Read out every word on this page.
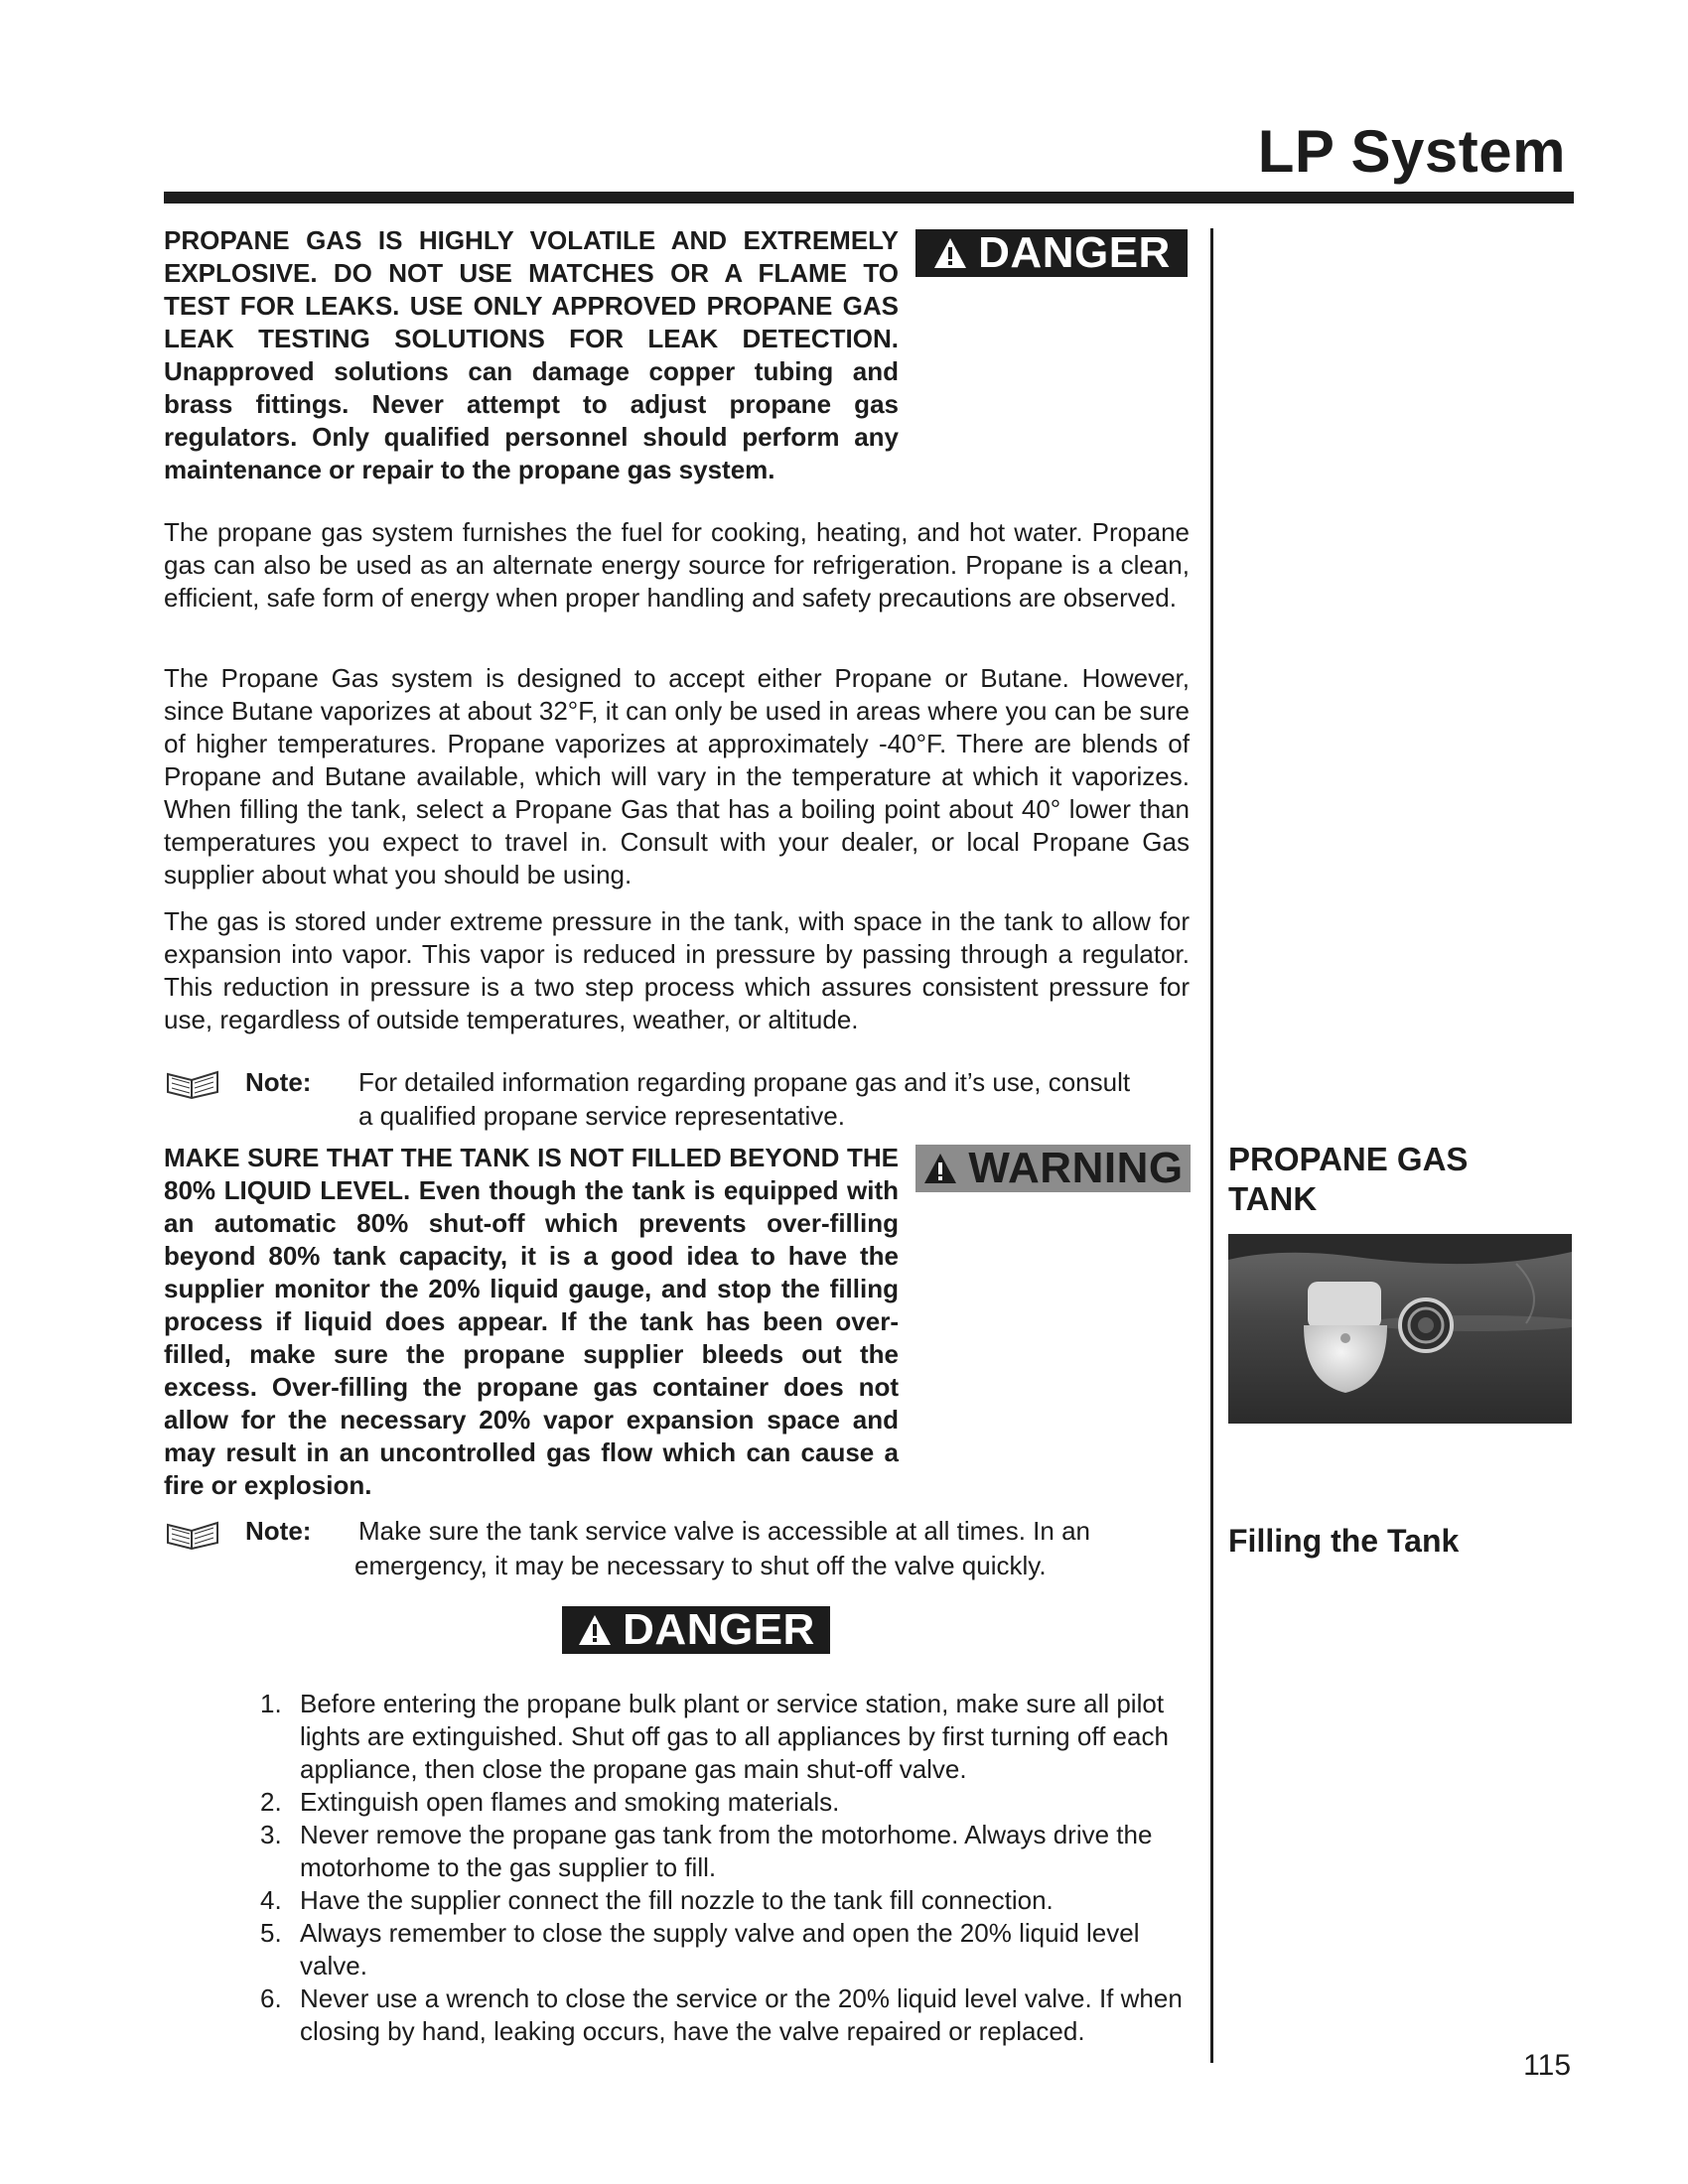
LP System

PROPANE GAS IS HIGHLY VOLATILE AND EXTREMELY EXPLOSIVE. DO NOT USE MATCHES OR A FLAME TO TEST FOR LEAKS. USE ONLY APPROVED PROPANE GAS LEAK TESTING SOLUTIONS FOR LEAK DETECTION. Unapproved solutions can damage copper tubing and brass fittings. Never attempt to adjust propane gas regulators. Only qualified personnel should perform any maintenance or repair to the propane gas system.

DANGER

The propane gas system furnishes the fuel for cooking, heating, and hot water. Propane gas can also be used as an alternate energy source for refrigeration. Propane is a clean, efficient, safe form of energy when proper handling and safety precautions are observed.

The Propane Gas system is designed to accept either Propane or Butane. However, since Butane vaporizes at about 32°F, it can only be used in areas where you can be sure of higher temperatures. Propane vaporizes at approximately -40°F. There are blends of Propane and Butane available, which will vary in the temperature at which it vaporizes. When filling the tank, select a Propane Gas that has a boiling point about 40° lower than temperatures you expect to travel in. Consult with your dealer, or local Propane Gas supplier about what you should be using.

The gas is stored under extreme pressure in the tank, with space in the tank to allow for expansion into vapor. This vapor is reduced in pressure by passing through a regulator. This reduction in pressure is a two step process which assures consistent pressure for use, regardless of outside temperatures, weather, or altitude.

Note: For detailed information regarding propane gas and it’s use, consult
a qualified propane service representative.

MAKE SURE THAT THE TANK IS NOT FILLED BEYOND THE 80% LIQUID LEVEL. Even though the tank is equipped with an automatic 80% shut-off which prevents over-filling beyond 80% tank capacity, it is a good idea to have the supplier monitor the 20% liquid gauge, and stop the filling process if liquid does appear. If the tank has been over-filled, make sure the propane supplier bleeds out the excess. Over-filling the propane gas container does not allow for the necessary 20% vapor expansion space and may result in an uncontrolled gas flow which can cause a fire or explosion.

WARNING
Note: Make sure the tank service valve is accessible at all times. In an
emergency, it may be necessary to shut off the valve quickly.
DANGER
1. Before entering the propane bulk plant or service station, make sure all pilot lights are extinguished. Shut off gas to all appliances by first turning off each appliance, then close the propane gas main shut-off valve.
2. Extinguish open flames and smoking materials.
3. Never remove the propane gas tank from the motorhome. Always drive the motorhome to the gas supplier to fill.
4. Have the supplier connect the fill nozzle to the tank fill connection.
5. Always remember to close the supply valve and open the 20% liquid level valve.
6. Never use a wrench to close the service or the 20% liquid level valve. If when closing by hand, leaking occurs, have the valve repaired or replaced.
PROPANE GAS
TANK
Filling the Tank
115
